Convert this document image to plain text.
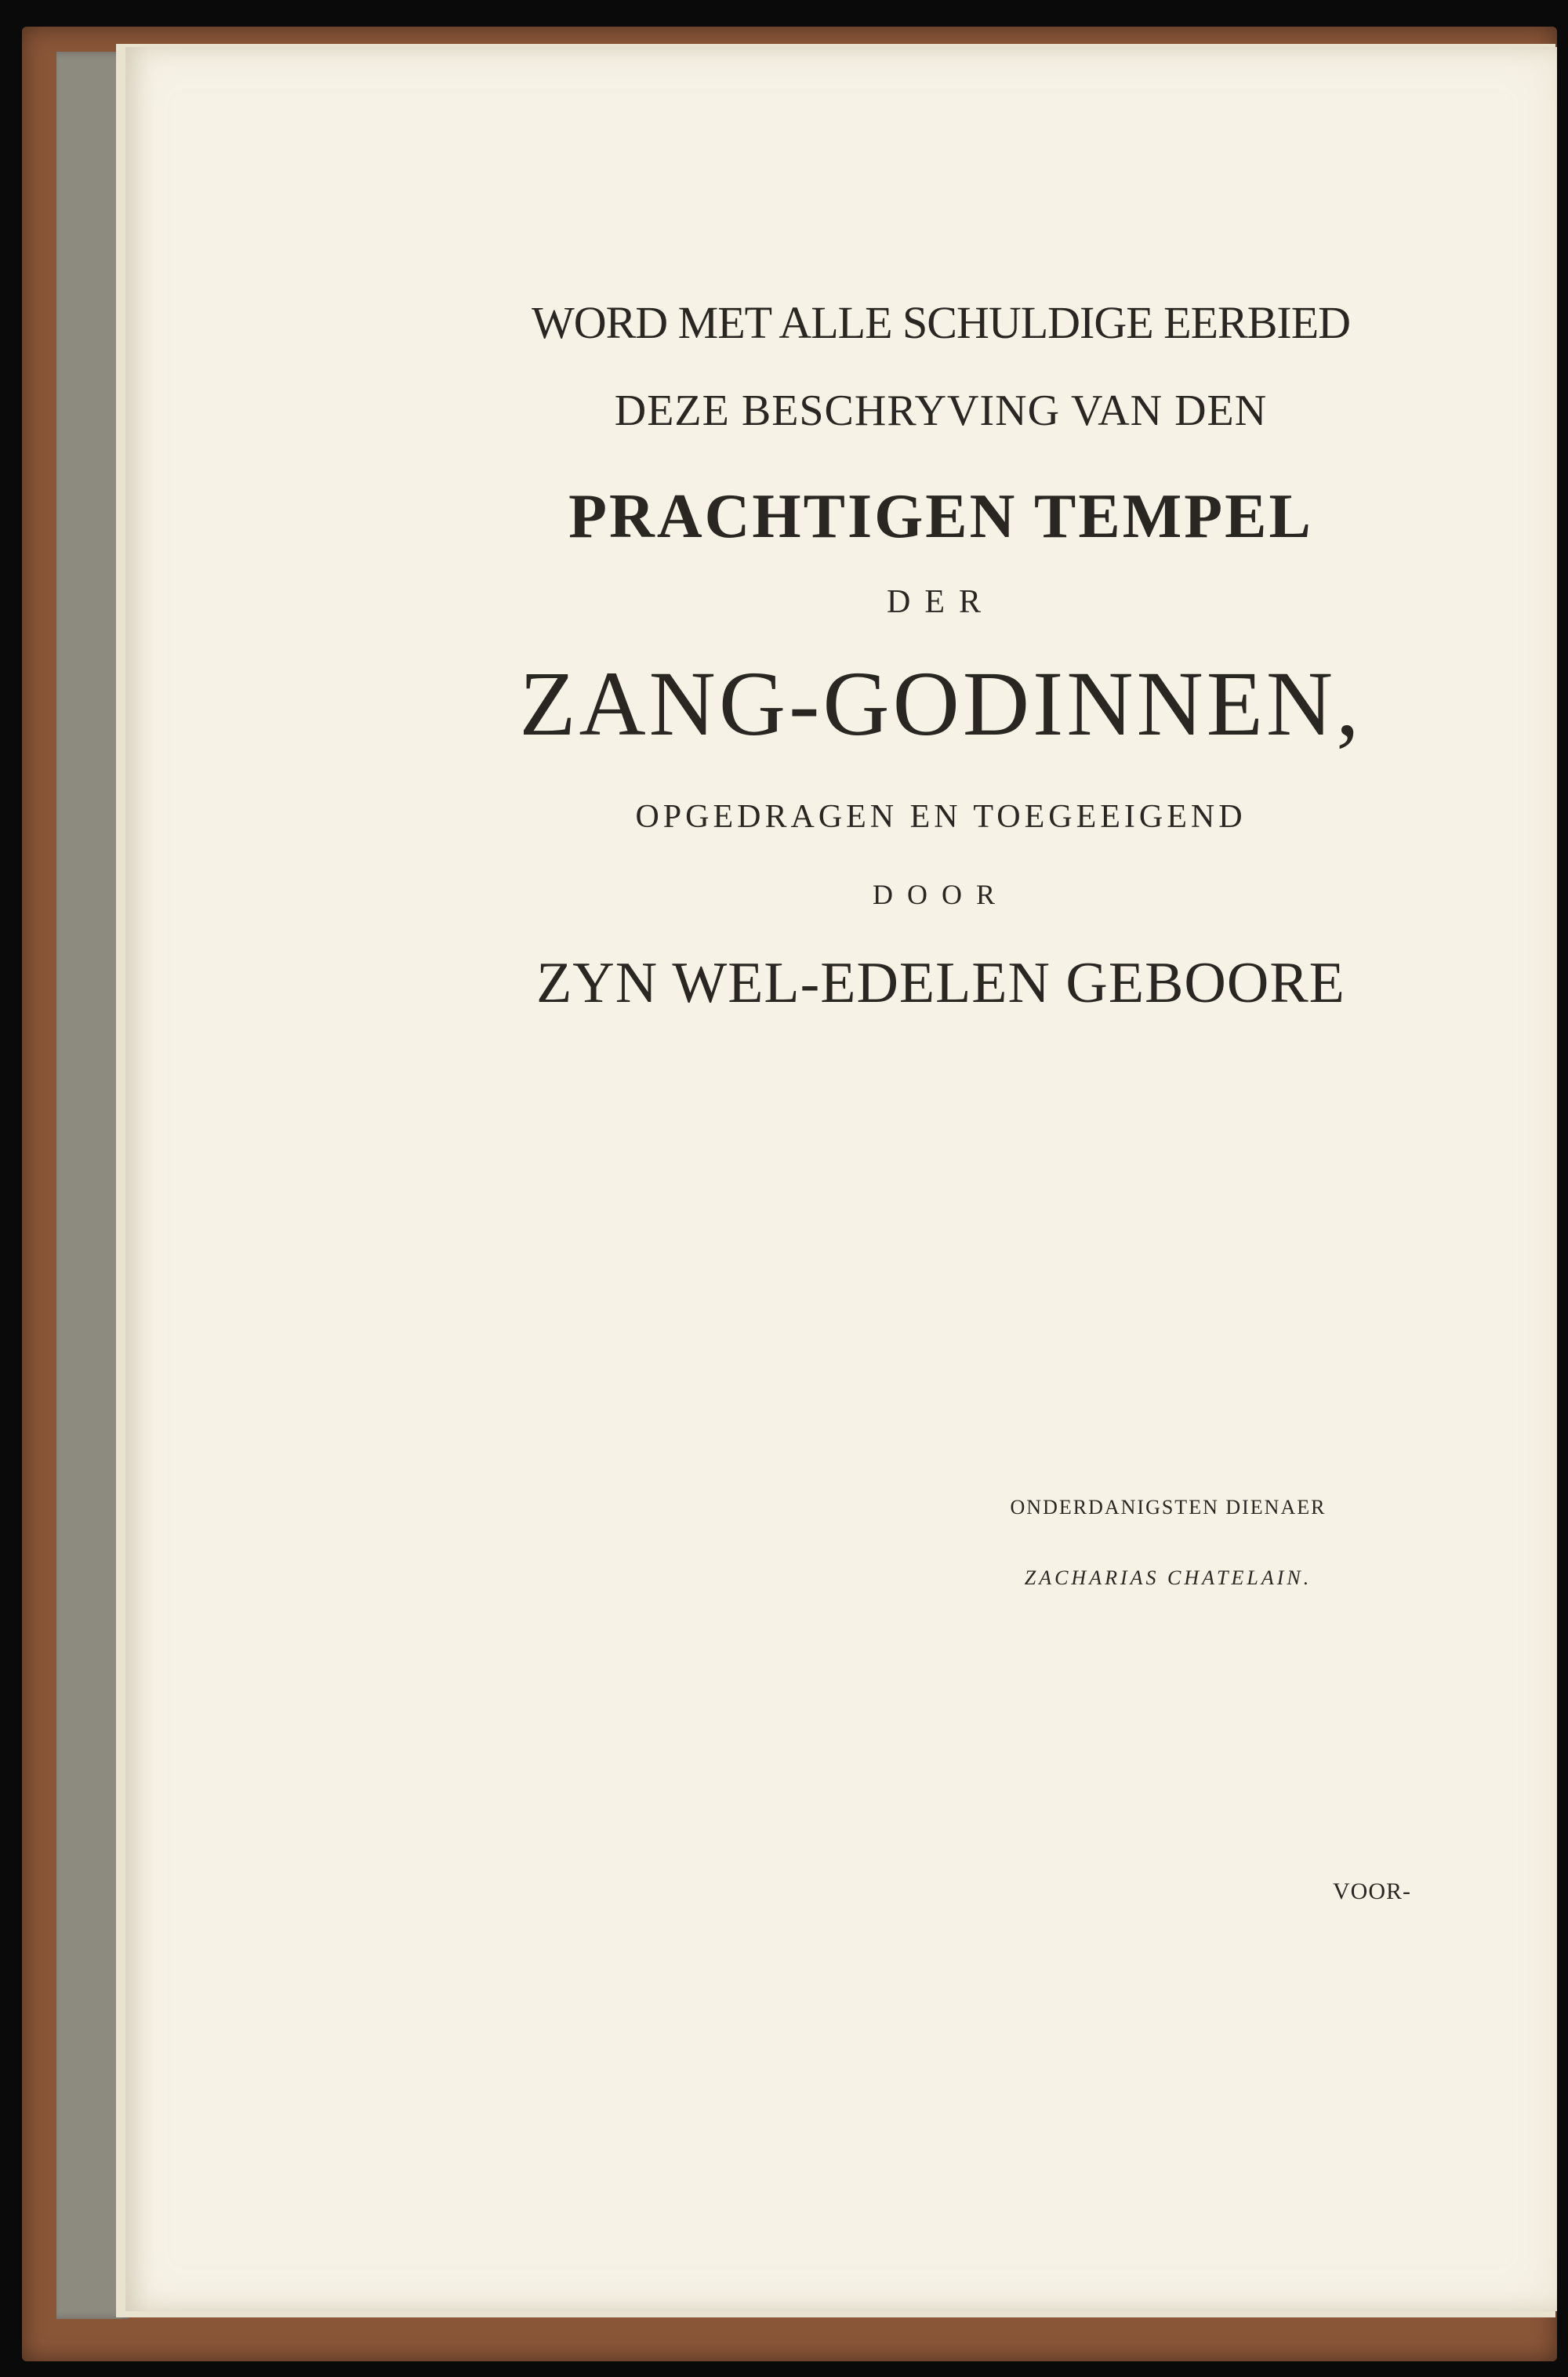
WORD MET ALLE SCHULDIGE EERBIED
DEZE BESCHRYVING VAN DEN
PRACHTIGEN TEMPEL
DER
ZANG-GODINNEN,
OPGEDRAGEN EN TOEGEEIGEND
DOOR
ZYN WEL-EDELEN GEBOORE
ONDERDANIGSTEN DIENAER
ZACHARIAS CHATELAIN.
VOOR-
